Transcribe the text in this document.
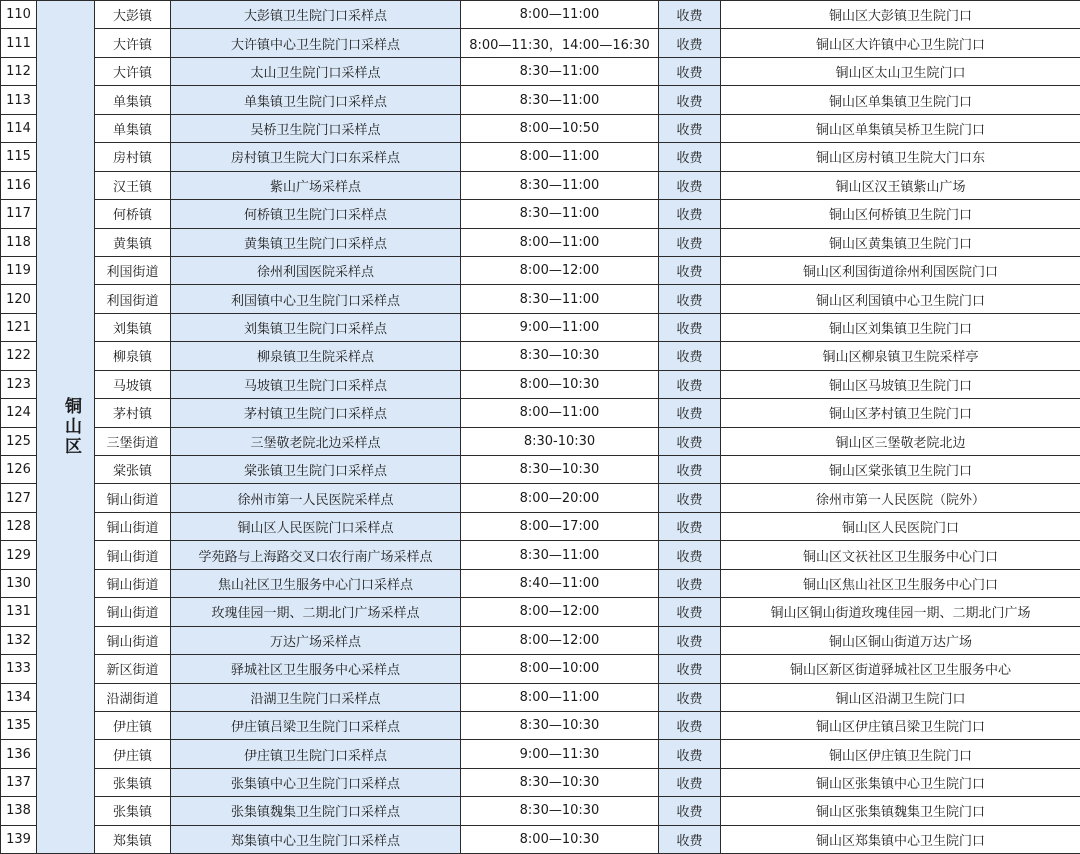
110	铜山区	大彭镇	大彭镇卫生院门口采样点	8:00—11:00	收费	铜山区大彭镇卫生院门口
111		大许镇	大许镇中心卫生院门口采样点	8:00—11:30，14:00—16:30	收费	铜山区大许镇中心卫生院门口
112		大许镇	太山卫生院门口采样点	8:30—11:00	收费	铜山区太山卫生院门口
113		单集镇	单集镇卫生院门口采样点	8:30—11:00	收费	铜山区单集镇卫生院门口
114		单集镇	吴桥卫生院门口采样点	8:00—10:50	收费	铜山区单集镇吴桥卫生院门口
115		房村镇	房村镇卫生院大门口东采样点	8:00—11:00	收费	铜山区房村镇卫生院大门口东
116		汉王镇	紫山广场采样点	8:30—11:00	收费	铜山区汉王镇紫山广场
117		何桥镇	何桥镇卫生院门口采样点	8:30—11:00	收费	铜山区何桥镇卫生院门口
118		黄集镇	黄集镇卫生院门口采样点	8:00—11:00	收费	铜山区黄集镇卫生院门口
119		利国街道	徐州利国医院采样点	8:00—12:00	收费	铜山区利国街道徐州利国医院门口
120		利国街道	利国镇中心卫生院门口采样点	8:30—11:00	收费	铜山区利国镇中心卫生院门口
121		刘集镇	刘集镇卫生院门口采样点	9:00—11:00	收费	铜山区刘集镇卫生院门口
122		柳泉镇	柳泉镇卫生院采样点	8:30—10:30	收费	铜山区柳泉镇卫生院采样亭
123		马坡镇	马坡镇卫生院门口采样点	8:00—10:30	收费	铜山区马坡镇卫生院门口
124		茅村镇	茅村镇卫生院门口采样点	8:00—11:00	收费	铜山区茅村镇卫生院门口
125		三堡街道	三堡敬老院北边采样点	8:30-10:30	收费	铜山区三堡敬老院北边
126		棠张镇	棠张镇卫生院门口采样点	8:30—10:30	收费	铜山区棠张镇卫生院门口
127		铜山街道	徐州市第一人民医院采样点	8:00—20:00	收费	徐州市第一人民医院（院外）
128		铜山街道	铜山区人民医院门口采样点	8:00—17:00	收费	铜山区人民医院门口
129		铜山街道	学苑路与上海路交叉口农行南广场采样点	8:30—11:00	收费	铜山区文祆社区卫生服务中心门口
130		铜山街道	焦山社区卫生服务中心门口采样点	8:40—11:00	收费	铜山区焦山社区卫生服务中心门口
131		铜山街道	玫瑰佳园一期、二期北门广场采样点	8:00—12:00	收费	铜山区铜山街道玫瑰佳园一期、二期北门广场
132		铜山街道	万达广场采样点	8:00—12:00	收费	铜山区铜山街道万达广场
133		新区街道	驿城社区卫生服务中心采样点	8:00—10:00	收费	铜山区新区街道驿城社区卫生服务中心
134		沿湖街道	沿湖卫生院门口采样点	8:00—11:00	收费	铜山区沿湖卫生院门口
135		伊庄镇	伊庄镇吕梁卫生院门口采样点	8:30—10:30	收费	铜山区伊庄镇吕梁卫生院门口
136		伊庄镇	伊庄镇卫生院门口采样点	9:00—11:30	收费	铜山区伊庄镇卫生院门口
137		张集镇	张集镇中心卫生院门口采样点	8:30—10:30	收费	铜山区张集镇中心卫生院门口
138		张集镇	张集镇魏集卫生院门口采样点	8:30—10:30	收费	铜山区张集镇魏集卫生院门口
139		郑集镇	郑集镇中心卫生院门口采样点	8:00—10:30	收费	铜山区郑集镇中心卫生院门口
